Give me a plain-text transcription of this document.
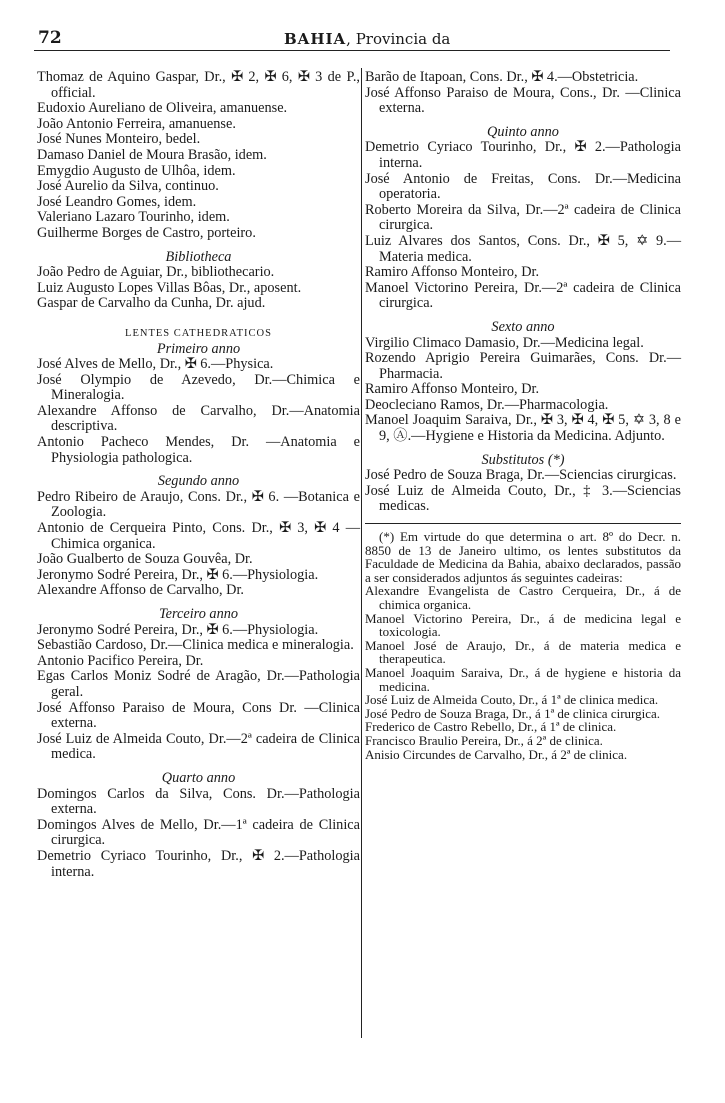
72	BAHIA, Provincia da
Thomaz de Aquino Gaspar, Dr., ✠ 2, ✠ 6, ✠ 3 de P., official.
Eudoxio Aureliano de Oliveira, amanuense.
João Antonio Ferreira, amanuense.
José Nunes Monteiro, bedel.
Damaso Daniel de Moura Brasão, idem.
Emygdio Augusto de Ulhôa, idem.
José Aurelio da Silva, continuo.
José Leandro Gomes, idem.
Valeriano Lazaro Tourinho, idem.
Guilherme Borges de Castro, porteiro.
Bibliotheca
João Pedro de Aguiar, Dr., bibliothecario.
Luiz Augusto Lopes Villas Bôas, Dr., aposent.
Gaspar de Carvalho da Cunha, Dr. ajud.
LENTES CATHEDRATICOS
Primeiro anno
José Alves de Mello, Dr., ✠ 6.—Physica.
José Olympio de Azevedo, Dr.—Chimica e Mineralogia.
Alexandre Affonso de Carvalho, Dr.—Anatomia descriptiva.
Antonio Pacheco Mendes, Dr. —Anatomia e Physiologia pathologica.
Segundo anno
Pedro Ribeiro de Araujo, Cons. Dr., ✠ 6. —Botanica e Zoologia.
Antonio de Cerqueira Pinto, Cons. Dr., ✠ 3, ✠ 4 —Chimica organica.
João Gualberto de Souza Gouvêa, Dr.
Jeronymo Sodré Pereira, Dr., ✠ 6.—Physiologia.
Alexandre Affonso de Carvalho, Dr.
Terceiro anno
Jeronymo Sodré Pereira, Dr., ✠ 6.—Physiologia.
Sebastião Cardoso, Dr.—Clinica medica e mineralogia.
Antonio Pacifico Pereira, Dr.
Egas Carlos Moniz Sodré de Aragão, Dr.—Pathologia geral.
José Affonso Paraiso de Moura, Cons Dr. —Clinica externa.
José Luiz de Almeida Couto, Dr.—2ª cadeira de Clinica medica.
Quarto anno
Domingos Carlos da Silva, Cons. Dr.—Pathologia externa.
Domingos Alves de Mello, Dr.—1ª cadeira de Clinica cirurgica.
Demetrio Cyriaco Tourinho, Dr., ✠ 2.—Pathologia interna.
Barão de Itapoan, Cons. Dr., ✠ 4.—Obstetricia.
José Affonso Paraiso de Moura, Cons., Dr. —Clinica externa.
Quinto anno
Demetrio Cyriaco Tourinho, Dr., ✠ 2.—Pathologia interna.
José Antonio de Freitas, Cons. Dr.—Medicina operatoria.
Roberto Moreira da Silva, Dr.—2ª cadeira de Clinica cirurgica.
Luiz Alvares dos Santos, Cons. Dr., ✠ 5, ✡ 9.—Materia medica.
Ramiro Affonso Monteiro, Dr.
Manoel Victorino Pereira, Dr.—2ª cadeira de Clinica cirurgica.
Sexto anno
Virgilio Climaco Damasio, Dr.—Medicina legal.
Rozendo Aprigio Pereira Guimarães, Cons. Dr.—Pharmacia.
Ramiro Affonso Monteiro, Dr.
Deocleciano Ramos, Dr.—Pharmacologia.
Manoel Joaquim Saraiva, Dr., ✠ 3, ✠ 4, ✠ 5, ✡ 3, 8 e 9, Ⓐ.—Hygiene e Historia da Medicina. Adjunto.
Substitutos (*)
José Pedro de Souza Braga, Dr.—Sciencias cirurgicas.
José Luiz de Almeida Couto, Dr., ‡ 3.—Sciencias medicas.
(*) Em virtude do que determina o art. 8º do Decr. n. 8850 de 13 de Janeiro ultimo, os lentes substitutos da Faculdade de Medicina da Bahia, abaixo declarados, passão a ser considerados adjuntos ás seguintes cadeiras:
Alexandre Evangelista de Castro Cerqueira, Dr., á de chimica organica.
Manoel Victorino Pereira, Dr., á de medicina legal e toxicologia.
Manoel José de Araujo, Dr., á de materia medica e therapeutica.
Manoel Joaquim Saraiva, Dr., á de hygiene e historia da medicina.
José Luiz de Almeida Couto, Dr., á 1ª de clinica medica.
José Pedro de Souza Braga, Dr., á 1ª de clinica cirurgica.
Frederico de Castro Rebello, Dr., á 1ª de clinica.
Francisco Braulio Pereira, Dr., á 2ª de clinica.
Anisio Circundes de Carvalho, Dr., á 2ª de clinica.
